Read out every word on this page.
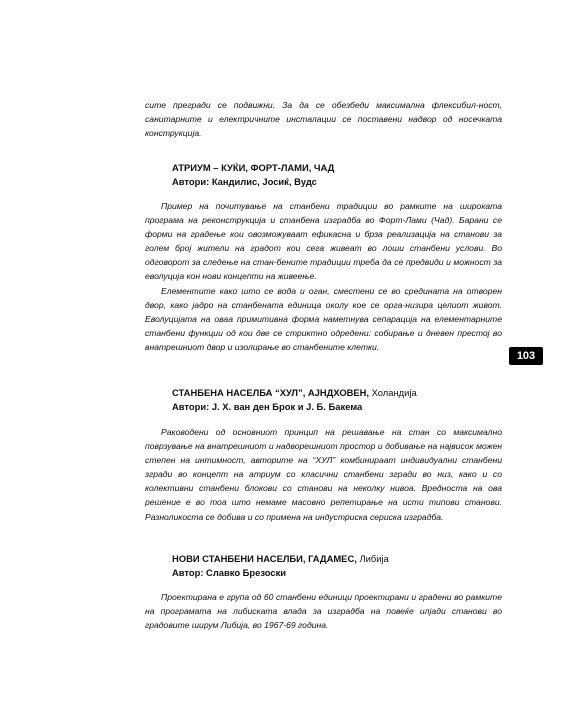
сите прегради се подвижни. За да се обезбеди максимална флексибил-ност, санитарните и електричните инсталации се поставени надвор од носечката конструкција.

АТРИУМ – КУЌИ, ФОРТ-ЛАМИ, ЧАД
Автори: Кандилис, Јосиќ, Вудс

Пример на почитување на станбени традиции во рамките на широката програма на реконструкција и станбена изградба во Форт-Лами (Чад). Барани се форми на градење кои овозможуваат ефикасна и брза реализација на станови за голем број жители на градот кои сега живеат во лоши станбени услови. Во одговорот за следење на стан-бените традиции треба да се предвиди и можност за еволуција кон нови концепти на живеење.

Елементите како што се вода и оган, сместени се во средината на отворен двор, како јадро на станбената единица околу кое се орга-низира целиот живот. Еволуцијата на оваа примитивна форма наметнува сепарација на елементарните станбени функции од кои две се стриктно одредени: собирање и дневен престој во внатрешниот двор и изолирање во станбените клетки.

103
СТАНБЕНА НАСЕЛБА “ХУЛ”, АЈНДХОВЕН, Холандија
Автори: Ј. Х. ван ден Брок и Ј. Б. Бакема

Раководени од основниот принцип на решавање на стан со максимално поврзување на внатрешниот и надворешниот простор и добивање на највисок можен степен на интимност, авторите на “ХУЛ” комбинираат индивидуални станбени згради во концепт на атриум со класични станбени згради во низ, како и со колективни станбени блокови со станови на неколку нивоа. Вредноста на ова решение е во тоа што немаме масовно репетирање на исти типови станови. Разноликоста се добива и со примена на индустриска сериска изградба.

НОВИ СТАНБЕНИ НАСЕЛБИ, ГАДАМЕС, Либија
Автор: Славко Брезоски

Проектирана е група од 60 станбени единици проектирани и градени во рамките на програмата на либиската влада за изградба на повеќе илјади станови во градовите ширум Либија, во 1967-69 година.
